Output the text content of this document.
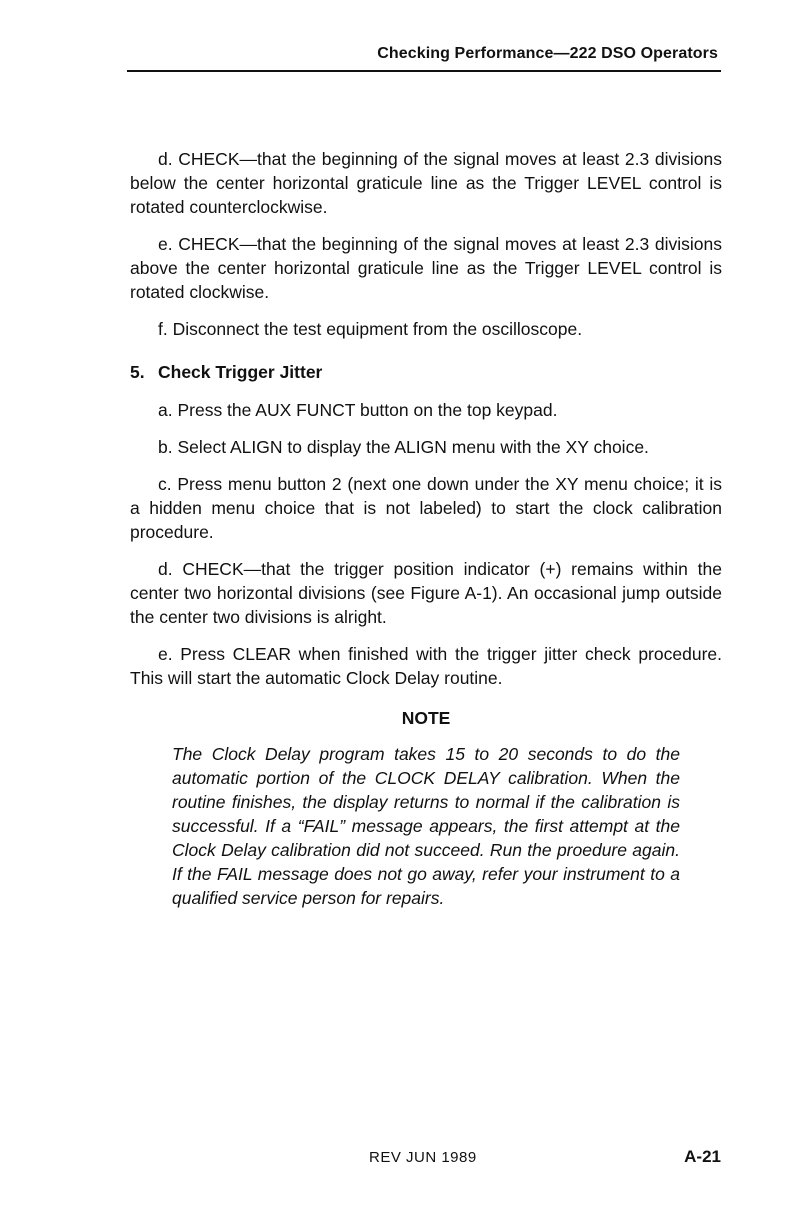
Checking Performance—222 DSO Operators

d. CHECK—that the beginning of the signal moves at least 2.3 divisions below the center horizontal graticule line as the Trigger LEVEL control is rotated counterclockwise.

e. CHECK—that the beginning of the signal moves at least 2.3 divisions above the center horizontal graticule line as the Trigger LEVEL control is rotated clockwise.

f. Disconnect the test equipment from the oscilloscope.

5. Check Trigger Jitter

a. Press the AUX FUNCT button on the top keypad.

b. Select ALIGN to display the ALIGN menu with the XY choice.

c. Press menu button 2 (next one down under the XY menu choice; it is a hidden menu choice that is not labeled) to start the clock calibration procedure.

d. CHECK—that the trigger position indicator (+) remains within the center two horizontal divisions (see Figure A-1). An occasional jump outside the center two divisions is alright.

e. Press CLEAR when finished with the trigger jitter check procedure. This will start the automatic Clock Delay routine.

NOTE

The Clock Delay program takes 15 to 20 seconds to do the automatic portion of the CLOCK DELAY calibration. When the routine finishes, the display returns to normal if the calibration is successful. If a “FAIL” message appears, the first attempt at the Clock Delay calibration did not succeed. Run the proedure again. If the FAIL message does not go away, refer your instrument to a qualified service person for repairs.

REV JUN 1989	A-21
